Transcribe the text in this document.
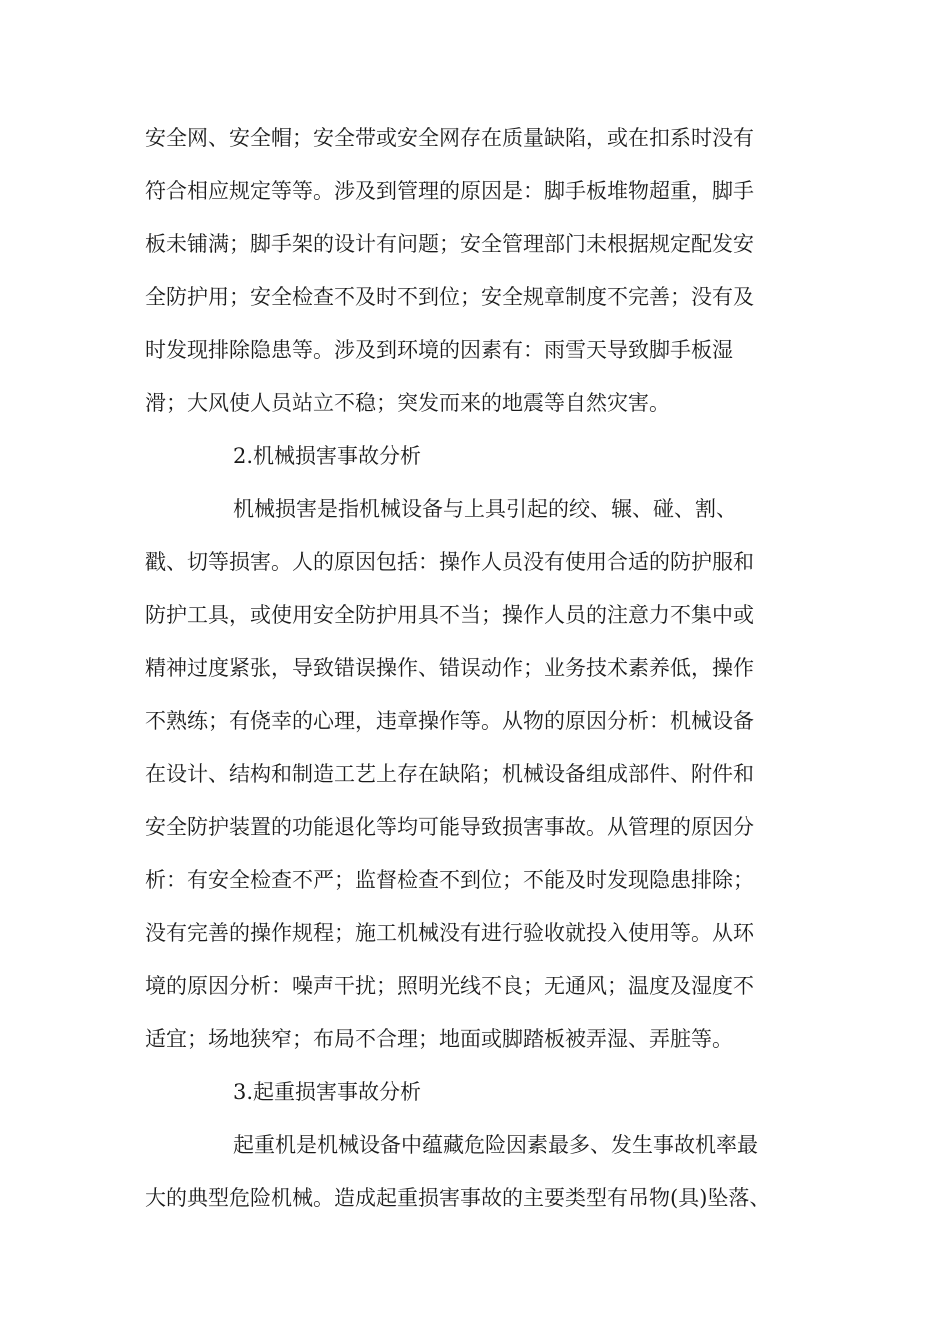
安全网、安全帽；安全带或安全网存在质量缺陷，或在扣系时没有
符合相应规定等等。涉及到管理的原因是：脚手板堆物超重，脚手
板未铺满；脚手架的设计有问题；安全管理部门未根据规定配发安
全防护用；安全检查不及时不到位；安全规章制度不完善；没有及
时发现排除隐患等。涉及到环境的因素有：雨雪天导致脚手板湿
滑；大风使人员站立不稳；突发而来的地震等自然灾害。
2.机械损害事故分析
机械损害是指机械设备与上具引起的绞、辗、碰、割、
戳、切等损害。人的原因包括：操作人员没有使用合适的防护服和
防护工具，或使用安全防护用具不当；操作人员的注意力不集中或
精神过度紧张，导致错误操作、错误动作；业务技术素养低，操作
不熟练；有侥幸的心理，违章操作等。从物的原因分析：机械设备
在设计、结构和制造工艺上存在缺陷；机械设备组成部件、附件和
安全防护装置的功能退化等均可能导致损害事故。从管理的原因分
析：有安全检查不严；监督检查不到位；不能及时发现隐患排除；
没有完善的操作规程；施工机械没有进行验收就投入使用等。从环
境的原因分析：噪声干扰；照明光线不良；无通风；温度及湿度不
适宜；场地狭窄；布局不合理；地面或脚踏板被弄湿、弄脏等。
3.起重损害事故分析
起重机是机械设备中蕴藏危险因素最多、发生事故机率最
大的典型危险机械。造成起重损害事故的主要类型有吊物(具)坠落、
